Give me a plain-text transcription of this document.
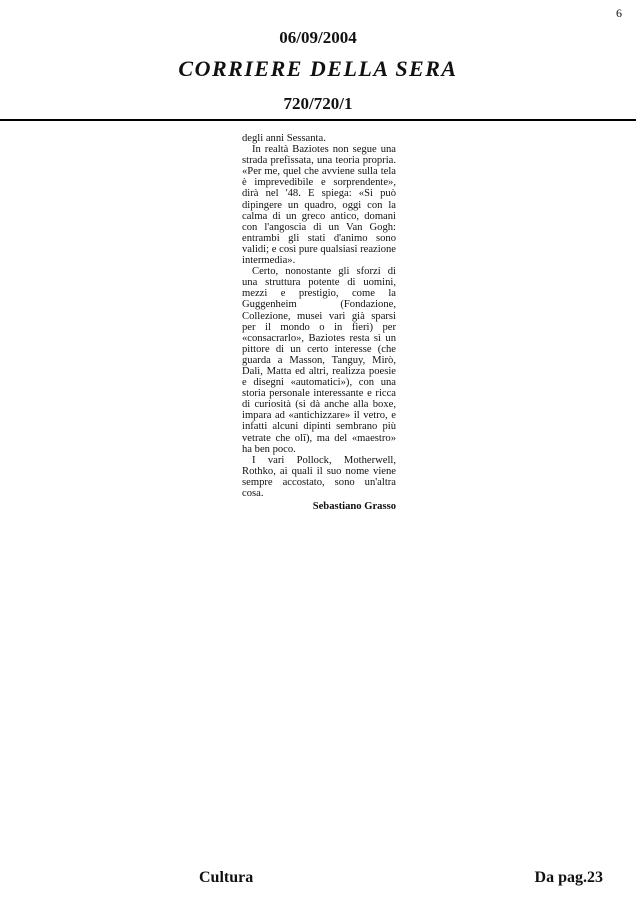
6
06/09/2004
CORRIERE DELLA SERA
720/720/1

degli anni Sessanta.

In realtà Baziotes non segue una strada prefissata, una teoria propria. «Per me, quel che avviene sulla tela è imprevedibile e sorprendente», dirà nel '48. E spiega: «Si può dipingere un quadro, oggi con la calma di un greco antico, domani con l'angoscia di un Van Gogh: entrambi gli stati d'animo sono validi; e così pure qualsiasi reazione intermedia».

Certo, nonostante gli sforzi di una struttura potente di uomini, mezzi e prestigio, come la Guggenheim (Fondazione, Collezione, musei vari già sparsi per il mondo o in fieri) per «consacrarlo», Baziotes resta sì un pittore di un certo interesse (che guarda a Masson, Tanguy, Mirò, Dalì, Matta ed altri, realizza poesie e disegni «automatici»), con una storia personale interessante e ricca di curiosità (si dà anche alla boxe, impara ad «antichizzare» il vetro, e infatti alcuni dipinti sembrano più vetrate che olî), ma del «maestro» ha ben poco.

I vari Pollock, Motherwell, Rothko, ai quali il suo nome viene sempre accostato, sono un'altra cosa.

Sebastiano Grasso

Cultura	Da pag.23
